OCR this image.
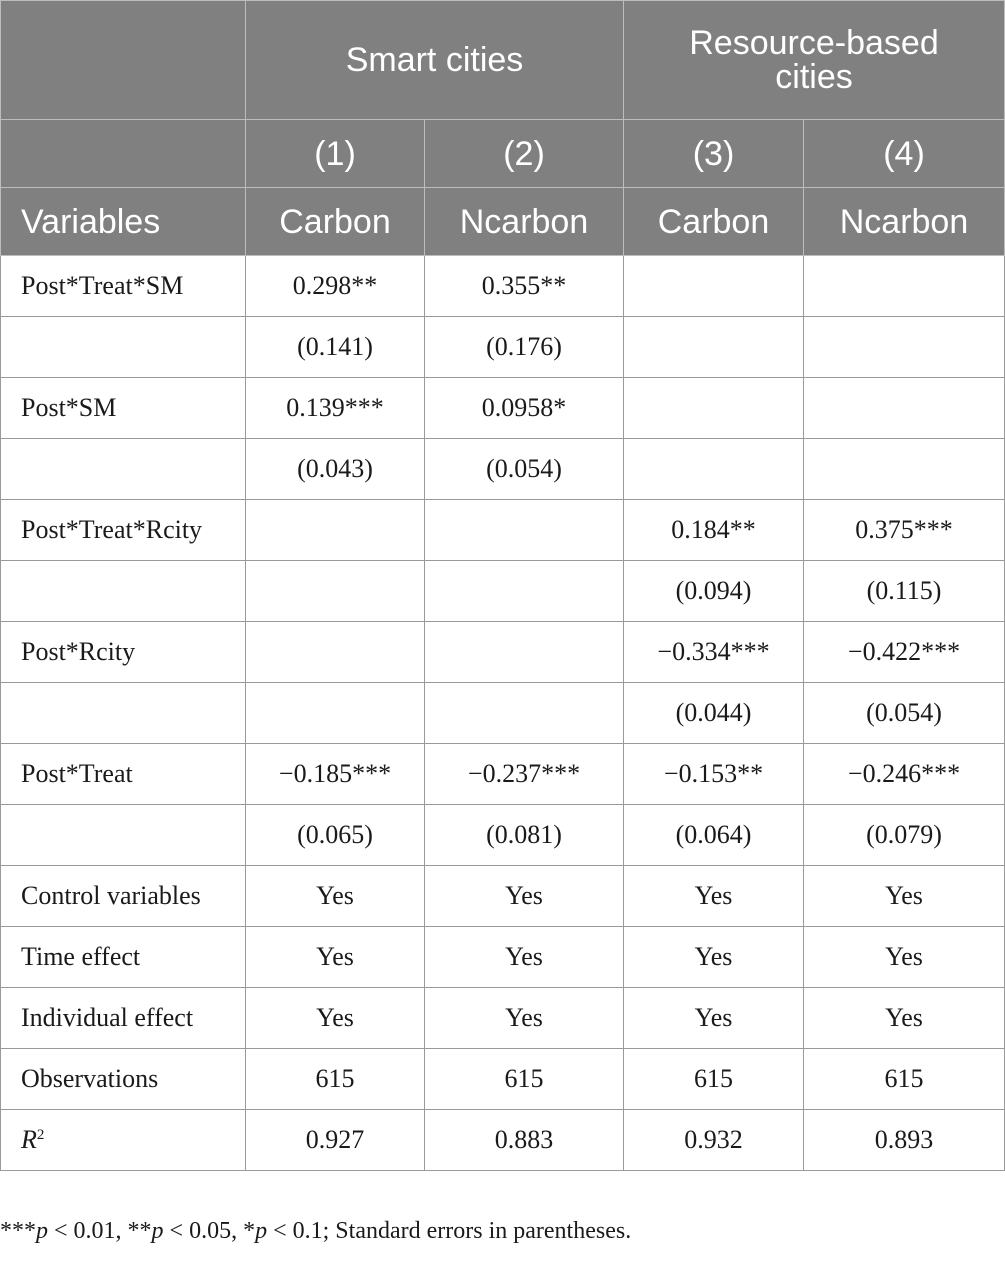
	Smart cities		Resource-based cities	
	(1)	(2)	(3)	(4)
Variables	Carbon	Ncarbon	Carbon	Ncarbon
Post*Treat*SM	0.298**	0.355**		
	(0.141)	(0.176)		
Post*SM	0.139***	0.0958*		
	(0.043)	(0.054)		
Post*Treat*Rcity			0.184**	0.375***
			(0.094)	(0.115)
Post*Rcity			−0.334***	−0.422***
			(0.044)	(0.054)
Post*Treat	−0.185***	−0.237***	−0.153**	−0.246***
	(0.065)	(0.081)	(0.064)	(0.079)
Control variables	Yes	Yes	Yes	Yes
Time effect	Yes	Yes	Yes	Yes
Individual effect	Yes	Yes	Yes	Yes
Observations	615	615	615	615
$R^2$	0.927	0.883	0.932	0.893
***p < 0.01, **p < 0.05, *p < 0.1; Standard errors in parentheses.
